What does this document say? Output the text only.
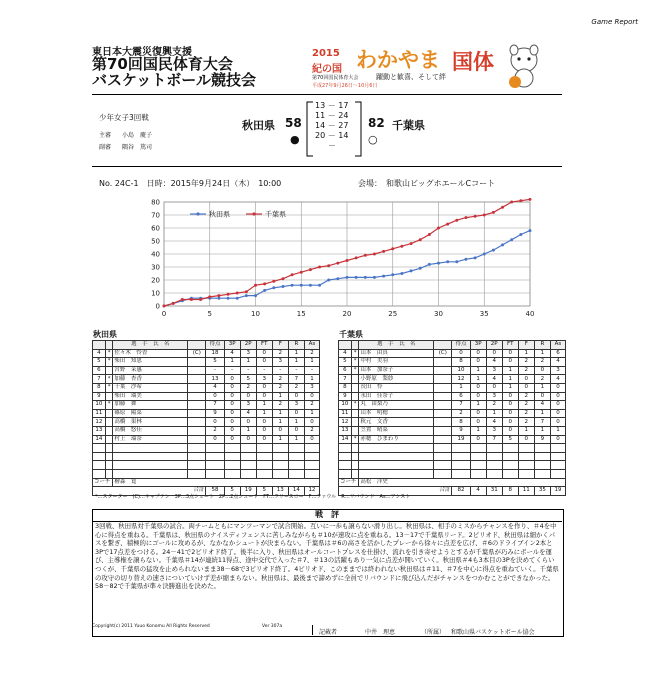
Game Report
東日本大震災復興支援
第70回国民体育大会
バスケットボール競技会
2015
紀の国 わかやま 国体
第70回国民体育大会	躍動と歓喜、そして絆
平成27年9月26日～10月6日
少年女子3回戦
主審 小島　慶子
副審 隅谷　篤司
秋田県 58
●
13 － 17
11 － 24
14 － 27
20 － 14
－
82 千葉県
○
No. 24C-1　日時：2015年9月24日（木）　10:00	会場：　和歌山ビッグホエールCコート
0
10
20
30
40
50
60
70
80
0	5	10	15	20	25	30	35	40
秋田県	千葉県
秋田県
		選　手　氏　名		得点	3P	2P	FT	F	R	As
4	*	佐々木　怜香	(C)	18	4	3	0	2	1	2
5	*	柴田　知恵		5	1	1	0	3	1	1
6		宮野　茉惠		-	-	-	-	-	-	-
7	*	加藤　杏香		13	0	5	3	2	7	1
8	*	千葉　沙希		4	0	2	0	2	2	3
9		柴田　瑠美		0	0	0	0	1	0	0
10	*	加藤　舞		7	0	3	1	2	3	2
11		篠原　陽菜		9	0	4	1	1	0	1
12		高橋　果林		0	0	0	0	1	1	0
13		高橋　悠佳		2	0	1	0	0	0	2
14		村上　瑠奈		0	0	0	0	1	1	0

コーチ		檜森　寛								
合計				58	5	19	5	13	14	12
千葉県
		選　手　氏　名		得点	3P	2P	FT	F	R	As
4	*	山本　由真	(C)	0	0	0	0	1	1	6
5	*	中村　美羽		8	0	4	0	2	2	4
6	*	山本　加奈子		10	1	3	1	2	0	3
7		小野原　梨紗		12	1	4	1	0	2	4
8		長田　怜		1	0	0	1	0	1	0
9		永田　佳奈子		6	0	3	0	2	0	0
10	*	丸　由梨乃		7	1	2	0	2	4	0
11		山本　明穂		2	0	1	0	2	1	0
12		秋元　文香		8	0	4	0	2	7	0
13		笠置　晴菜		9	1	3	0	1	1	1
14	*	赤穂　ひまわり		19	0	7	5	0	9	0

コーチ		高松　洋史								
合計				82	4	31	8	11	35	19
*…スターター　(C)…キャプテン　3P…3点シュート　2P…2点シュート　FT…フリースロー　F…ファウル　R…リバウンド　As…アシスト
戦　評
3回戦、秋田県対千葉県の試合。両チームともにマンツーマンで試合開始。互いに一歩も譲らない滑り出し。秋田県は、相手のミスからチャンスを作り、＃4を中心に得点を重ねる。千葉県は、秋田県のナイスディフェンスに苦しみながらも＃10が速攻に点を重ねる。13－17で千葉県リード。2ピリオド、秋田県は細かくパスを繋ぎ、積極的にゴールに攻めるが、なかなかシュートが決まらない。千葉県は＃6の高さを活かしたプレーから徐々に点差を広げ、＃6のドライブイン2本と3Pで17点差をつける。24－41で2ピリオド終了。後半に入り、秋田県はオールコートプレスを仕掛け、流れを引き寄せようとするが千葉県が巧みにボールを運び、主導権を譲らない。千葉県＃14が連続11得点、途中交代で入った＃7、＃13の活躍もあり一気に点差が開いていく。秋田県＃4も3本目の3Pを決めてくらいつくが、千葉県の猛攻を止められないまま38－68で3ピリオド終了。4ピリオド、このままでは終われない秋田県は＃11、＃7を中心に得点を重ねていく。千葉県の攻守の切り替えの速さについていけず差が縮まらない。秋田県は、最後まで諦めずに全員でリバウンドに飛び込んだがチャンスをつかむことができなかった。58－82で千葉県が準々決勝進出を決めた。
Copyright(c) 2011 Yuuo Konomu All Rights Reserved	Ver 307a
記載者	中井　理恵	（所属） 和歌山県バスケットボール協会
